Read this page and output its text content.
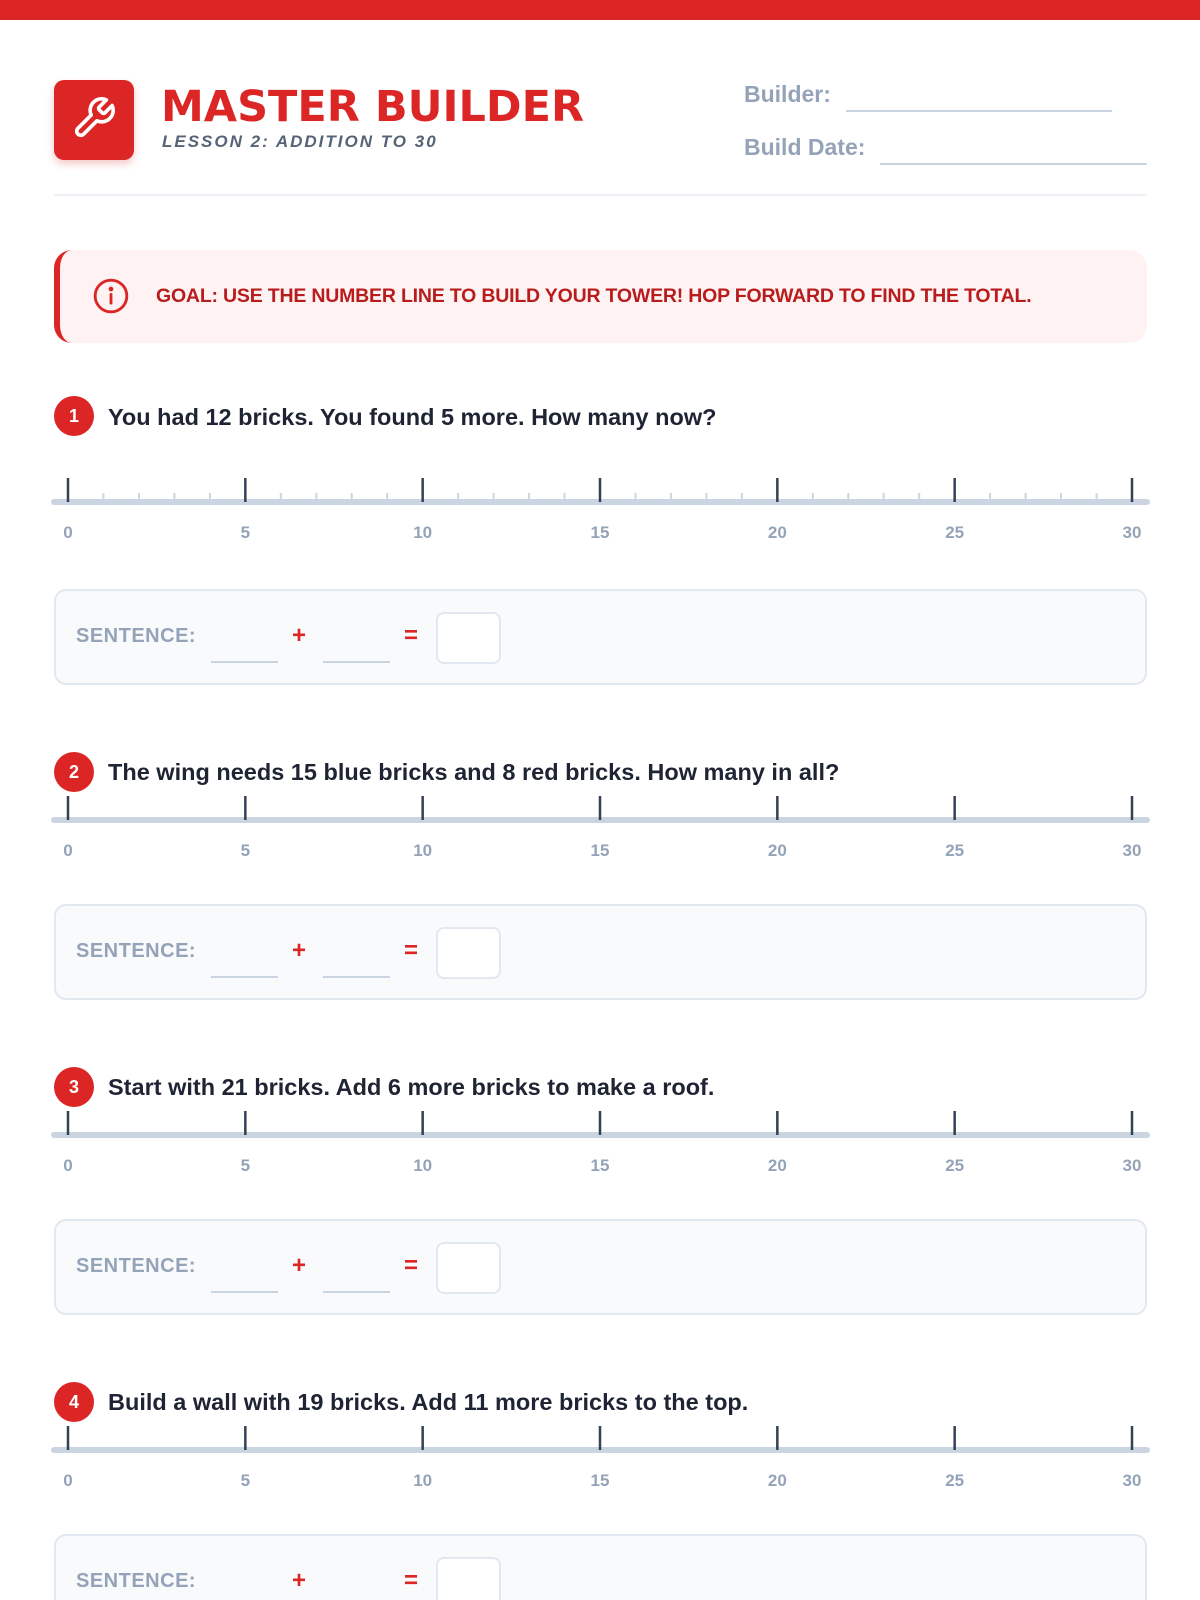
MASTER BUILDER
LESSON 2: ADDITION TO 30
Builder:
Build Date:
GOAL: USE THE NUMBER LINE TO BUILD YOUR TOWER! HOP FORWARD TO FIND THE TOTAL.
1	You had 12 bricks. You found 5 more. How many now?
0	5	10	15	20	25	30
SENTENCE:	+	=
2	The wing needs 15 blue bricks and 8 red bricks. How many in all?
0	5	10	15	20	25	30
SENTENCE:	+	=
3	Start with 21 bricks. Add 6 more bricks to make a roof.
0	5	10	15	20	25	30
SENTENCE:	+	=
4	Build a wall with 19 bricks. Add 11 more bricks to the top.
0	5	10	15	20	25	30
SENTENCE:	+	=
